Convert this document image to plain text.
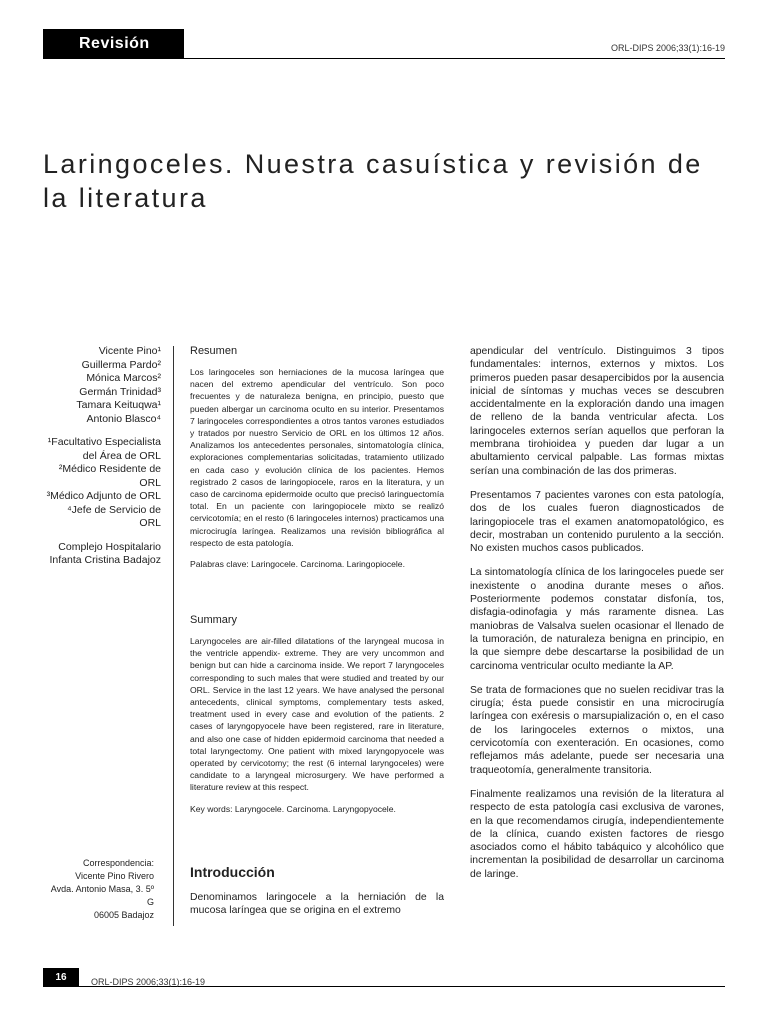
Revisión	ORL-DIPS 2006;33(1):16-19
Laringoceles. Nuestra casuística y revisión de la literatura

Vicente Pino¹

Guillerma Pardo²

Mónica Marcos²

Germán Trinidad³

Tamara Keituqwa¹

Antonio Blasco⁴

¹Facultativo Especialista del Área de ORL

²Médico Residente de ORL

³Médico Adjunto de ORL

⁴Jefe de Servicio de ORL

Complejo Hospitalario Infanta Cristina Badajoz

Correspondencia:

Vicente Pino Rivero

Avda. Antonio Masa, 3. 5º G

06005 Badajoz

Resumen

Los laringoceles son herniaciones de la mucosa laríngea que nacen del extremo apendicular del ventrículo. Son poco frecuentes y de naturaleza benigna, en principio, puesto que pueden albergar un carcinoma oculto en su interior. Presentamos 7 laringoceles correspondientes a otros tantos varones estudiados y tratados por nuestro Servicio de ORL en los últimos 12 años. Analizamos los antecedentes personales, sintomatología clínica, exploraciones complementarias solicitadas, tratamiento utilizado en cada caso y evolución clínica de los pacientes. Hemos registrado 2 casos de laringopiocele, raros en la literatura, y un caso de carcinoma epidermoide oculto que precisó laringuectomía total. En un paciente con laringopiocele mixto se realizó cervicotomía; en el resto (6 laringoceles internos) practicamos una microcirugía laríngea. Realizamos una revisión bibliográfica al respecto de esta patología.

Palabras clave: Laringocele. Carcinoma. Laringopiocele.

Summary

Laryngoceles are air-filled dilatations of the laryngeal mucosa in the ventricle appendix- extreme. They are very uncommon and benign but can hide a carcinoma inside. We report 7 laryngoceles corresponding to such males that were studied and treated by our ORL. Service in the last 12 years. We have analysed the personal antecedents, clinical symptoms, complementary tests asked, treatment used in every case and evolution of the patients. 2 cases of laryngopyocele have been registered, rare in literature, and also one case of hidden epidermoid carcinoma that needed a total laryngectomy. One patient with mixed laryngopyocele was operated by cervicotomy; the rest (6 internal laryngoceles) were candidate to a laryngeal microsurgery. We have performed a literature review at this respect.

Key words: Laryngocele. Carcinoma. Laryngopyocele.

Introducción

Denominamos laringocele a la herniación de la mucosa laríngea que se origina en el extremo

apendicular del ventrículo. Distinguimos 3 tipos fundamentales: internos, externos y mixtos. Los primeros pueden pasar desapercibidos por la ausencia inicial de síntomas y muchas veces se descubren accidentalmente en la exploración dando una imagen de relleno de la banda ventricular afecta. Los laringoceles externos serían aquellos que perforan la membrana tirohioidea y pueden dar lugar a un abultamiento cervical palpable. Las formas mixtas serían una combinación de las dos primeras.

Presentamos 7 pacientes varones con esta patología, dos de los cuales fueron diagnosticados de laringopiocele tras el examen anatomopatológico, es decir, mostraban un contenido purulento a la sección. No existen muchos casos publicados.

La sintomatología clínica de los laringoceles puede ser inexistente o anodina durante meses o años. Posteriormente podemos constatar disfonía, tos, disfagia-odinofagia y más raramente disnea. Las maniobras de Valsalva suelen ocasionar el llenado de la tumoración, de naturaleza benigna en principio, en la que siempre debe descartarse la posibilidad de un carcinoma ventricular oculto mediante la AP.

Se trata de formaciones que no suelen recidivar tras la cirugía; ésta puede consistir en una microcirugía laríngea con exéresis o marsupialización o, en el caso de los laringoceles externos o mixtos, una cervicotomía con exenteración. En ocasiones, como reflejamos más adelante, puede ser necesaria una traqueotomía, generalmente transitoria.

Finalmente realizamos una revisión de la literatura al respecto de esta patología casi exclusiva de varones, en la que recomendamos cirugía, independientemente de la clínica, cuando existen factores de riesgo asociados como el hábito tabáquico y alcohólico que incrementan la posibilidad de desarrollar un carcinoma de laringe.

16	ORL-DIPS 2006;33(1):16-19
